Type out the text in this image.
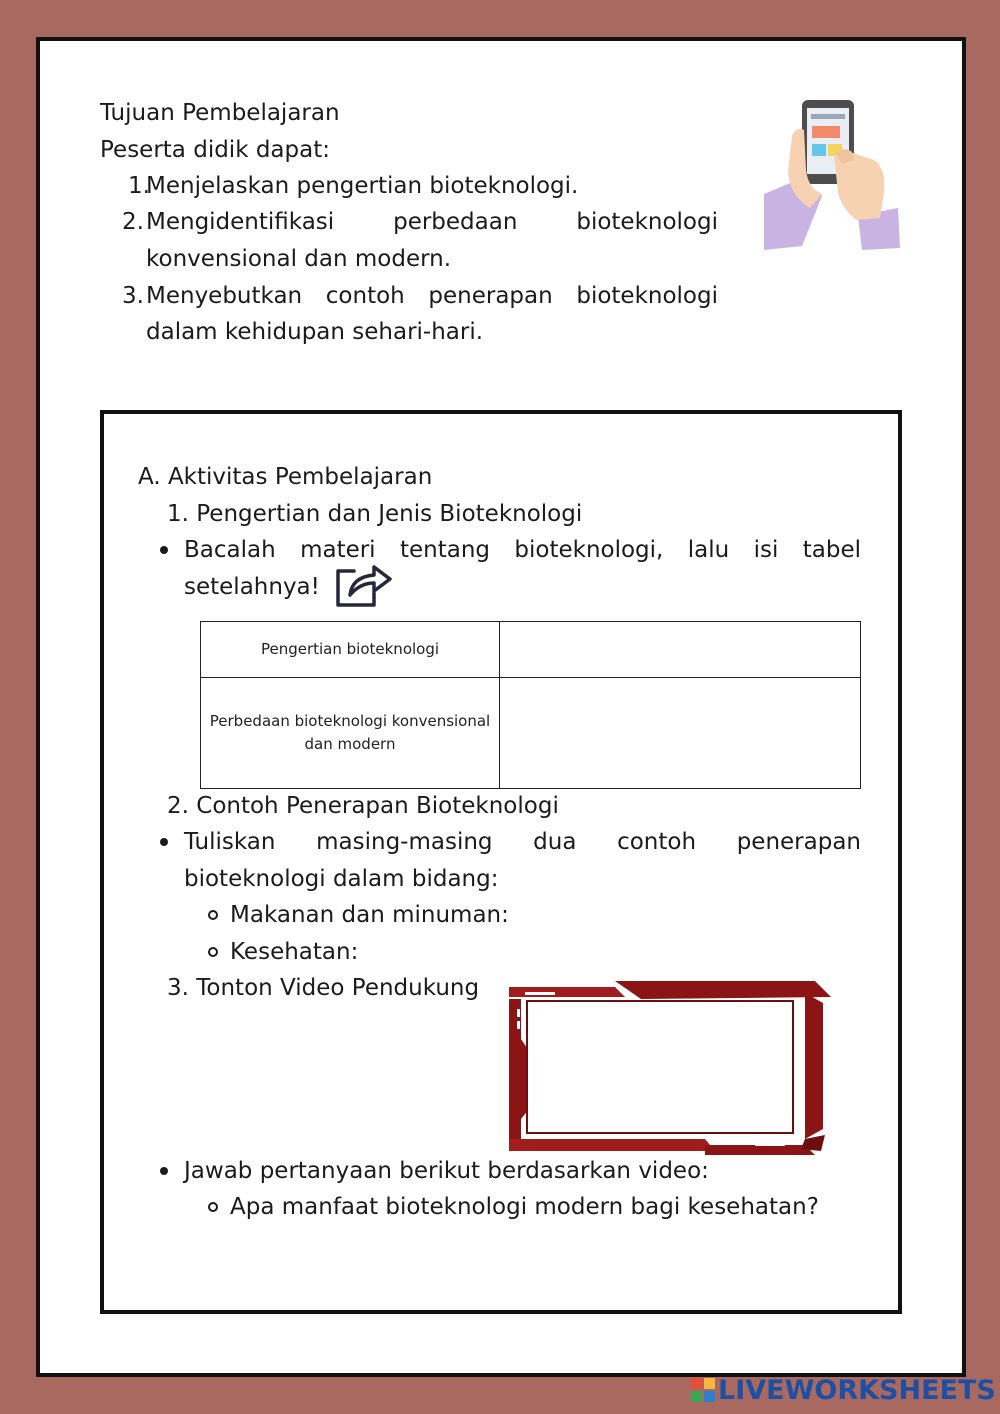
Tujuan Pembelajaran
Peserta didik dapat:
1.
Menjelaskan pengertian bioteknologi.
2. Mengidentifikasi perbedaan bioteknologi
konvensional dan modern.
3. Menyebutkan contoh penerapan bioteknologi
dalam kehidupan sehari-hari.
A. Aktivitas Pembelajaran
1. Pengertian dan Jenis Bioteknologi
Bacalah materi tentang bioteknologi, lalu isi tabel
setelahnya!
Pengertian bioteknologi	

Perbedaan bioteknologi konvensional
dan modern	

2. Contoh Penerapan Bioteknologi
Tuliskan masing-masing dua contoh penerapan
bioteknologi dalam bidang:
Makanan dan minuman:
Kesehatan:
3. Tonton Video Pendukung
Jawab pertanyaan berikut berdasarkan video:
Apa manfaat bioteknologi modern bagi kesehatan?
LIVEWORKSHEETS
